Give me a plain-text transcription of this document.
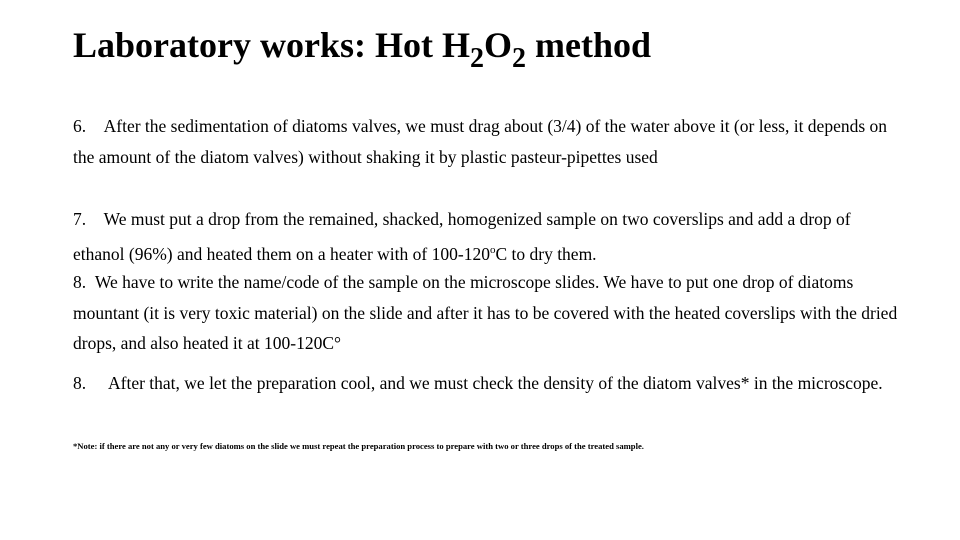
Laboratory works: Hot $H_2O_2$ method

6. After the sedimentation of diatoms valves, we must drag about (3/4) of the water above it (or less, it depends on the amount of the diatom valves) without shaking it by plastic pasteur-pipettes used

7. We must put a drop from the remained, shacked, homogenized sample on two coverslips and add a drop of ethanol (96%) and heated them on a heater with of 100-120$^o$C to dry them.

8. We have to write the name/code of the sample on the microscope slides. We have to put one drop of diatoms mountant (it is very toxic material) on the slide and after it has to be covered with the heated coverslips with the dried drops, and also heated it at 100-120C°

8. After that, we let the preparation cool, and we must check the density of the diatom valves* in the microscope.

*Note: if there are not any or very few diatoms on the slide we must repeat the preparation process to prepare with two or three drops of the treated sample.
